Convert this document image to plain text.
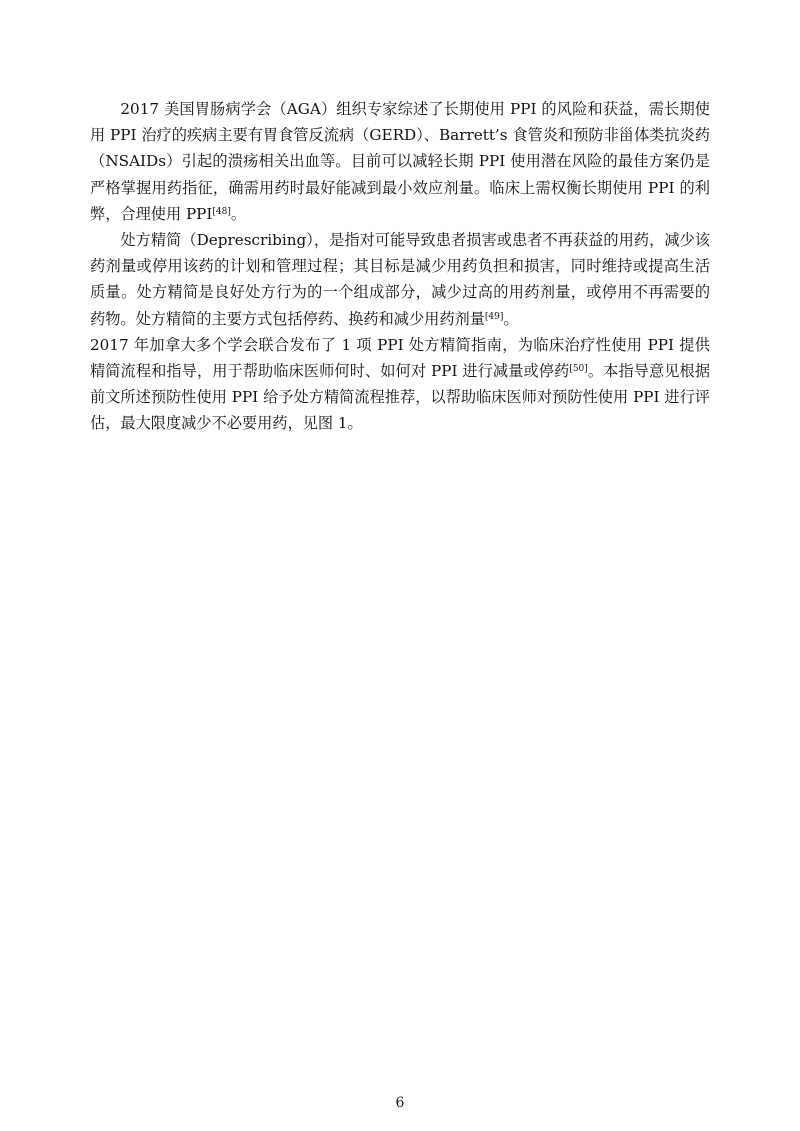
2017 美国胃肠病学会（AGA）组织专家综述了长期使用 PPI 的风险和获益，需长期使用 PPI 治疗的疾病主要有胃食管反流病（GERD）、Barrett’s 食管炎和预防非甾体类抗炎药（NSAIDs）引起的溃疡相关出血等。目前可以减轻长期 PPI 使用潜在风险的最佳方案仍是严格掌握用药指征，确需用药时最好能减到最小效应剂量。临床上需权衡长期使用 PPI 的利弊，合理使用 PPI[48]。

处方精简（Deprescribing），是指对可能导致患者损害或患者不再获益的用药，减少该药剂量或停用该药的计划和管理过程；其目标是减少用药负担和损害，同时维持或提高生活质量。处方精简是良好处方行为的一个组成部分，减少过高的用药剂量，或停用不再需要的药物。处方精简的主要方式包括停药、换药和减少用药剂量[49]。

2017 年加拿大多个学会联合发布了 1 项 PPI 处方精简指南，为临床治疗性使用 PPI 提供精简流程和指导，用于帮助临床医师何时、如何对 PPI 进行减量或停药[50]。本指导意见根据前文所述预防性使用 PPI 给予处方精简流程推荐，以帮助临床医师对预防性使用 PPI 进行评估，最大限度减少不必要用药，见图 1。

6
